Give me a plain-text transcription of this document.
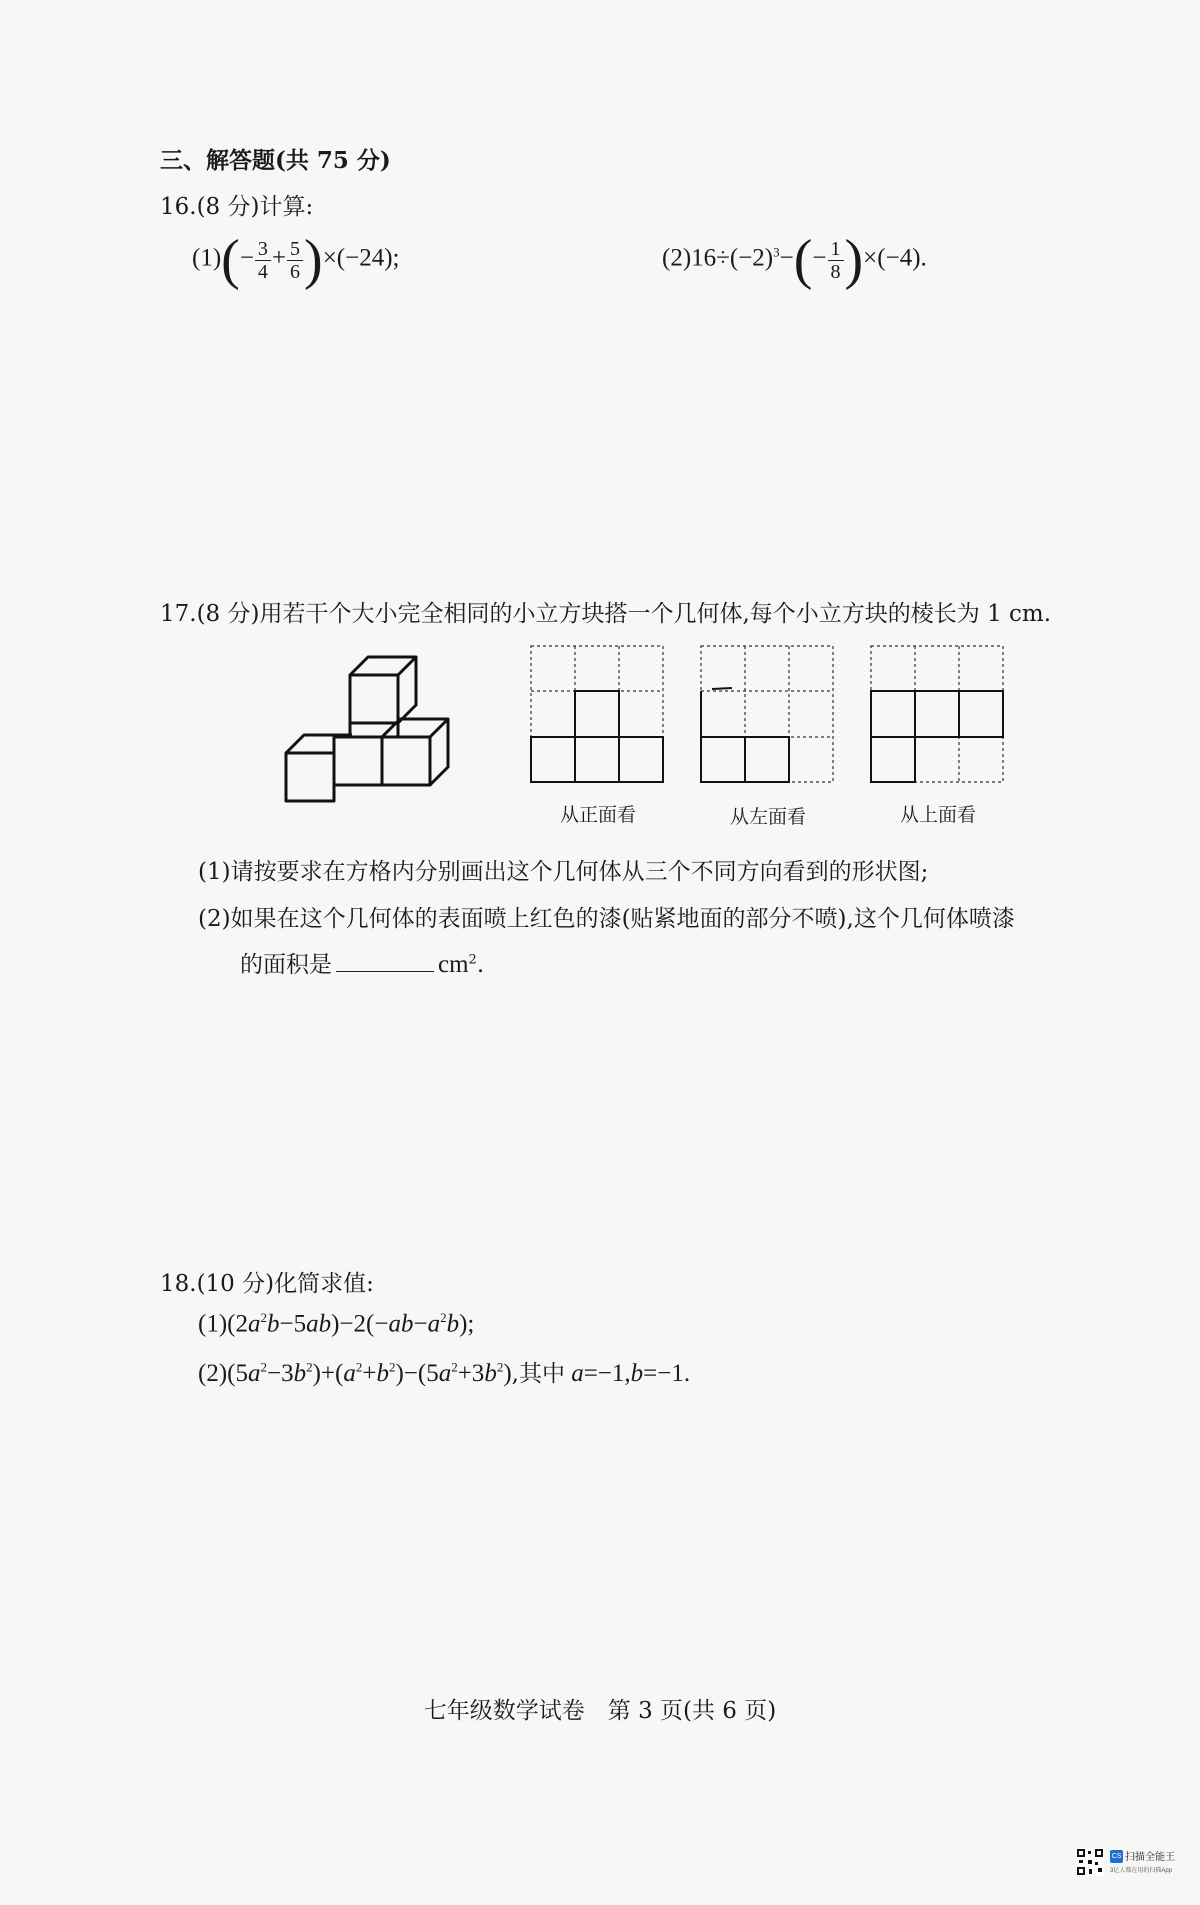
三、解答题(共 75 分)
16.(8 分)计算:
$(1)(- \frac{3}{4} + \frac{5}{6} )\times(-24)$;	$(2)16\div(-2)^3-(- \frac{1}{8} )\times(-4)$.
17.(8 分)用若干个大小完全相同的小立方块搭一个几何体,每个小立方块的棱长为 1 cm.
从正面看	从左面看	从上面看
(1)请按要求在方格内分别画出这个几何体从三个不同方向看到的形状图;
(2)如果在这个几何体的表面喷上红色的漆(贴紧地面的部分不喷),这个几何体喷漆
的面积是	$cm^2$.
18.(10 分)化简求值:
$(1)(2a^2b-5ab)-2(-ab-a^2b)$;
$(2)(5a^2-3b^2)+(a^2+b^2)-(5a^2+3b^2)$,其中 a=−1,b=−1.
七年级数学试卷　第 3 页(共 6 页)
CS 扫描全能王
3亿人都在用的扫描App
